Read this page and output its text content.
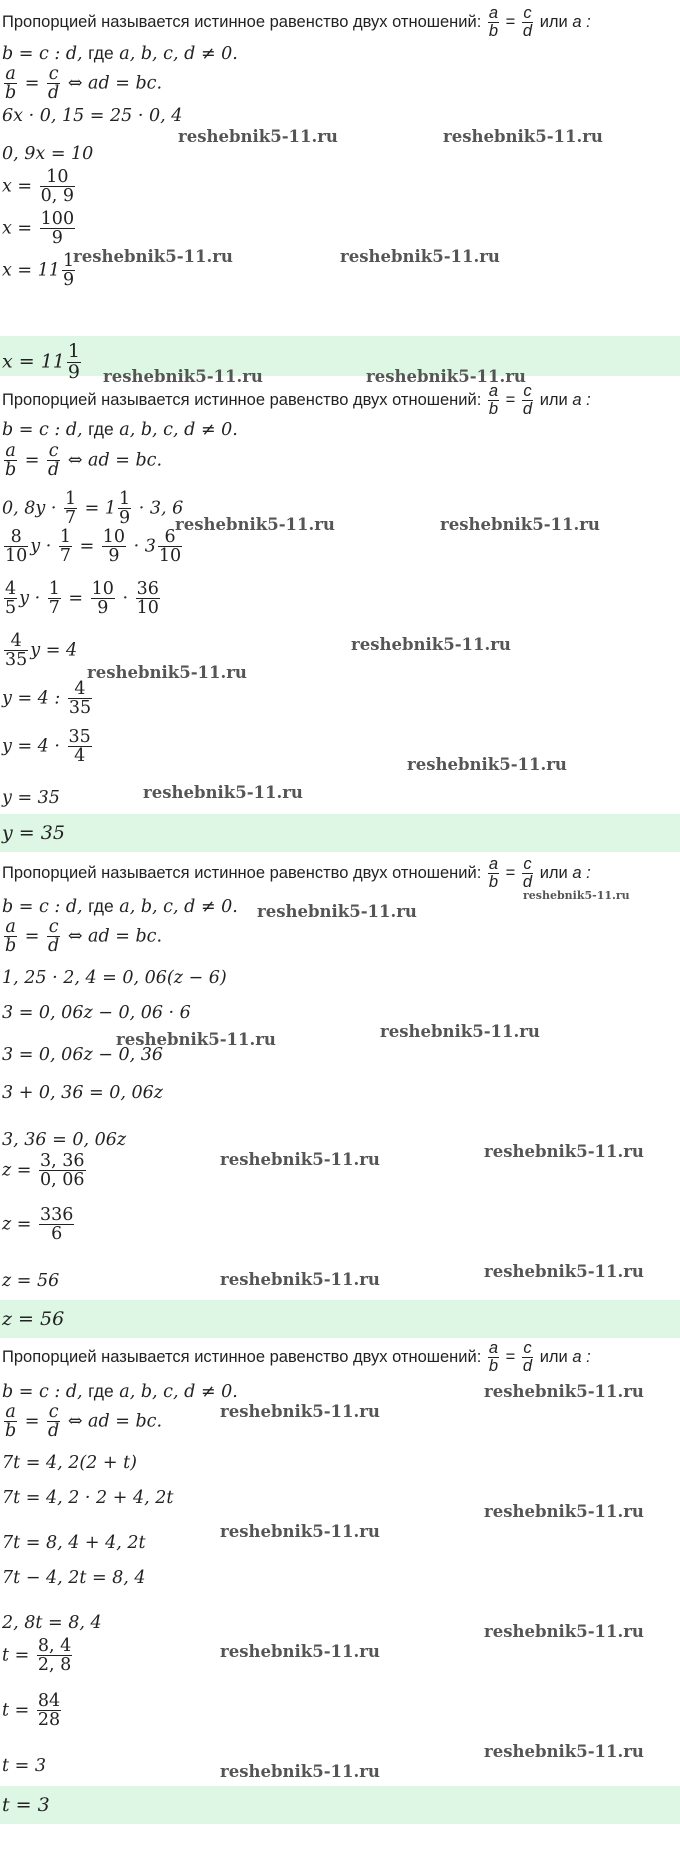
Пропорцией называется истинное равенство двух отношений: $\frac{a}{b} = \frac{c}{d}$ или a :
b = c : d, где a, b, c, d ≠ 0.
$\frac{a}{b} = \frac{c}{d}$ ⇔ ad = bc.
6x · 0, 15 = 25 · 0, 4
0, 9x = 10
$x = \frac{10}{0, 9}$
$x = \frac{100}{9}$
$x = 11 \frac{1}{9}$
$x = 11 \frac{1}{9}$
Пропорцией называется истинное равенство двух отношений: $\frac{a}{b} = \frac{c}{d}$ или a :
b = c : d, где a, b, c, d ≠ 0.
$\frac{a}{b} = \frac{c}{d}$ ⇔ ad = bc.
0, $8y \cdot \frac{1}{7} = 1 \frac{1}{9} \cdot 3$, 6
$\frac{8}{10}$ $y \cdot \frac{1}{7} = \frac{10}{9} \cdot 3 \frac{6}{10}$
$\frac{4}{5}$ $y \cdot \frac{1}{7} = \frac{10}{9} \cdot \frac{36}{10}$
$\frac{4}{35}$ y = 4
y = 4 : $\frac{4}{35}$
$y = 4 \cdot \frac{35}{4}$
y = 35
y = 35
Пропорцией называется истинное равенство двух отношений: $\frac{a}{b} = \frac{c}{d}$ или a :
b = c : d, где a, b, c, d ≠ 0.
$\frac{a}{b} = \frac{c}{d}$ ⇔ ad = bc.
1, 25 · 2, 4 = 0, 06(z − 6)
3 = 0, 06z − 0, 06 · 6
3 = 0, 06z − 0, 36
3 + 0, 36 = 0, 06z
3, 36 = 0, 06z
$z = \frac{3, 36}{0, 06}$
$z = \frac{336}{6}$
z = 56
z = 56
Пропорцией называется истинное равенство двух отношений: $\frac{a}{b} = \frac{c}{d}$ или a :
b = c : d, где a, b, c, d ≠ 0.
$\frac{a}{b} = \frac{c}{d}$ ⇔ ad = bc.
7t = 4, 2(2 + t)
7t = 4, 2 · 2 + 4, 2t
7t = 8, 4 + 4, 2t
7t − 4, 2t = 8, 4
2, 8t = 8, 4
$t = \frac{8, 4}{2, 8}$
$t = \frac{84}{28}$
t = 3
t = 3
reshebnik5-11.ru	reshebnik5-11.ru
reshebnik5-11.ru	reshebnik5-11.ru
reshebnik5-11.ru	reshebnik5-11.ru
reshebnik5-11.ru	reshebnik5-11.ru
reshebnik5-11.ru
reshebnik5-11.ru
reshebnik5-11.ru
reshebnik5-11.ru
reshebnik5-11.ru
reshebnik5-11.ru
reshebnik5-11.ru
reshebnik5-11.ru
reshebnik5-11.ru
reshebnik5-11.ru
reshebnik5-11.ru
reshebnik5-11.ru
reshebnik5-11.ru
reshebnik5-11.ru
reshebnik5-11.ru
reshebnik5-11.ru
reshebnik5-11.ru
reshebnik5-11.ru
reshebnik5-11.ru
reshebnik5-11.ru
